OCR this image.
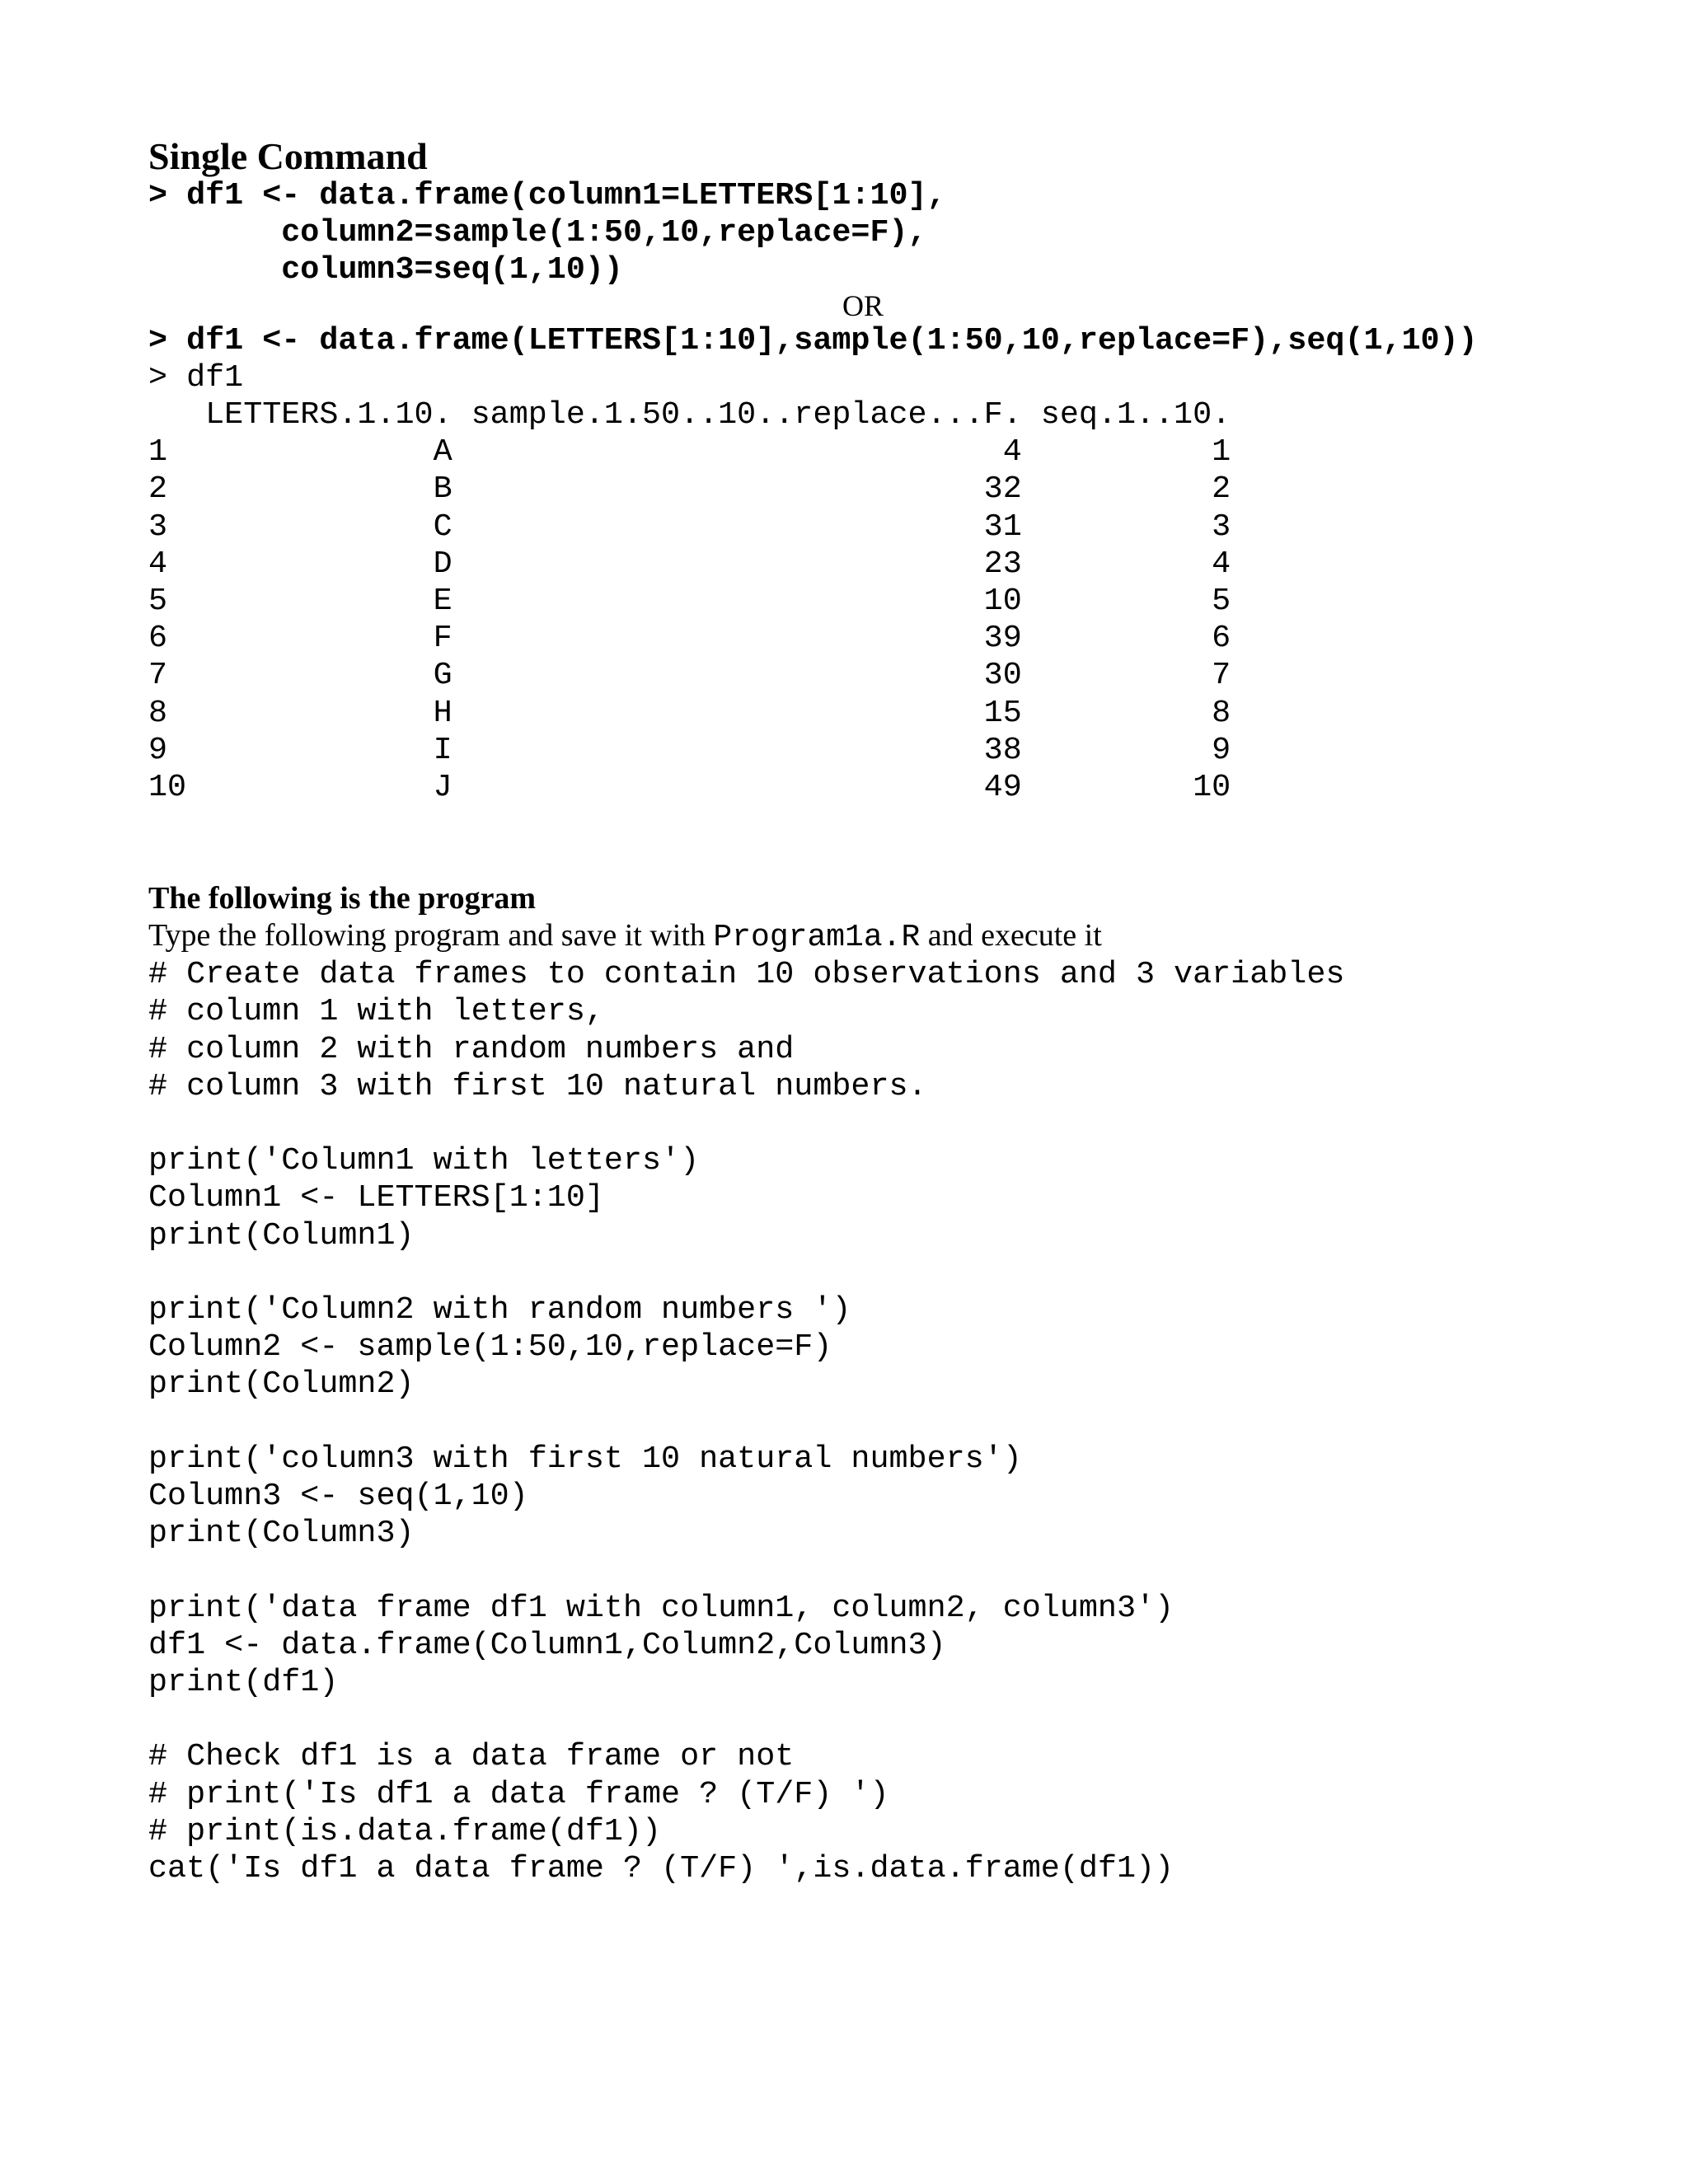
Single Command
> df1 <- data.frame(column1=LETTERS[1:10],
column2=sample(1:50,10,replace=F),
column3=seq(1,10))
OR
> df1 <- data.frame(LETTERS[1:10],sample(1:50,10,replace=F),seq(1,10))
> df1
LETTERS.1.10. sample.1.50..10..replace...F. seq.1..10.
1              A                             4          1
2              B                            32          2
3              C                            31          3
4              D                            23          4
5              E                            10          5
6              F                            39          6
7              G                            30          7
8              H                            15          8
9              I                            38          9
10             J                            49         10
The following is the program
Type the following program and save it with Program1a.R and execute it
# Create data frames to contain 10 observations and 3 variables
# column 1 with letters,
# column 2 with random numbers and
# column 3 with first 10 natural numbers.
print('Column1 with letters')
Column1 <- LETTERS[1:10]
print(Column1)
print('Column2 with random numbers ')
Column2 <- sample(1:50,10,replace=F)
print(Column2)
print('column3 with first 10 natural numbers')
Column3 <- seq(1,10)
print(Column3)
print('data frame df1 with column1, column2, column3')
df1 <- data.frame(Column1,Column2,Column3)
print(df1)
# Check df1 is a data frame or not
# print('Is df1 a data frame ? (T/F) ')
# print(is.data.frame(df1))
cat('Is df1 a data frame ? (T/F) ',is.data.frame(df1))
